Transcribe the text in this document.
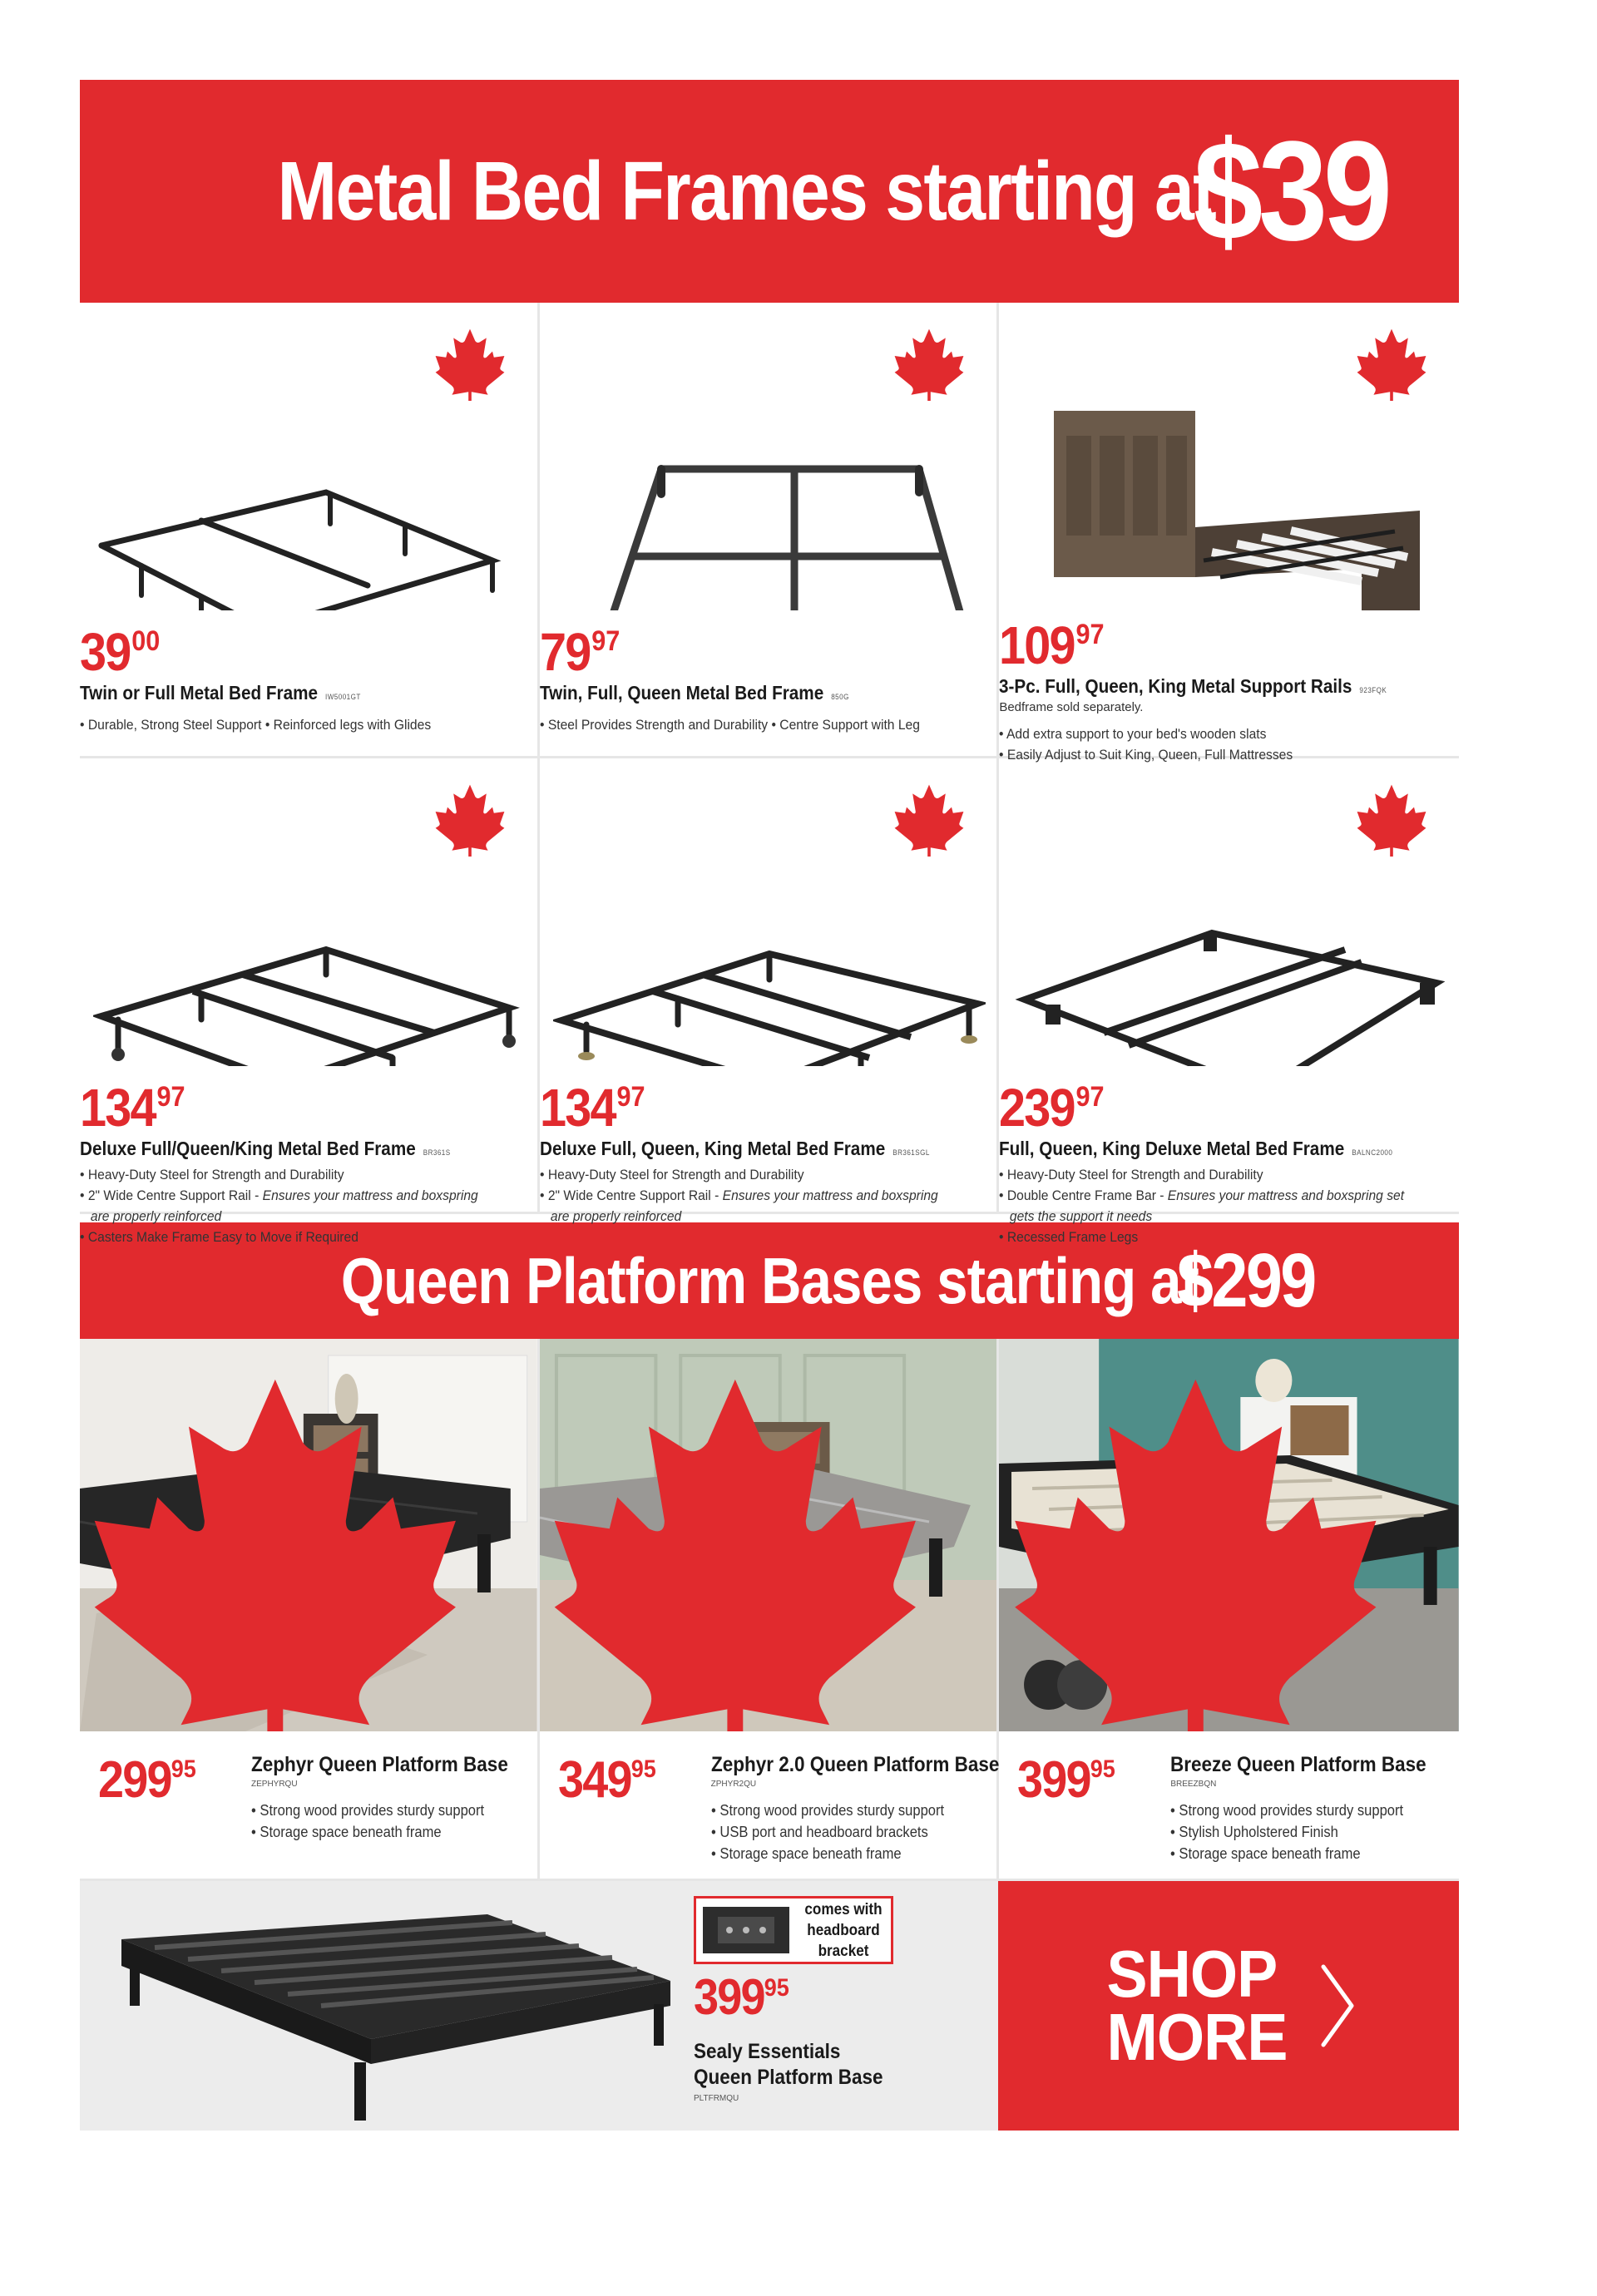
Metal Bed Frames starting at
$39
$39^{00}$
Twin or Full Metal Bed Frame IW5001GT
• Durable, Strong Steel Support • Reinforced legs with Glides
$79^{97}$
Twin, Full, Queen Metal Bed Frame 850G
• Steel Provides Strength and Durability • Centre Support with Leg
$109^{97}$
3-Pc. Full, Queen, King Metal Support Rails 923FQK
Bedframe sold separately.
• Add extra support to your bed's wooden slats
• Easily Adjust to Suit King, Queen, Full Mattresses
$134^{97}$
Deluxe Full/Queen/King Metal Bed Frame BR361S
• Heavy-Duty Steel for Strength and Durability
• 2" Wide Centre Support Rail - Ensures your mattress and boxspring
are properly reinforced
• Casters Make Frame Easy to Move if Required
$134^{97}$
Deluxe Full, Queen, King Metal Bed Frame BR361SGL
• Heavy-Duty Steel for Strength and Durability
• 2" Wide Centre Support Rail - Ensures your mattress and boxspring
are properly reinforced
$239^{97}$
Full, Queen, King Deluxe Metal Bed Frame BALNC2000
• Heavy-Duty Steel for Strength and Durability
• Double Centre Frame Bar - Ensures your mattress and boxspring set
gets the support it needs
• Recessed Frame Legs
Queen Platform Bases starting at
$299
$299^{95}$	Zephyr Queen Platform Base
ZEPHYRQU
• Strong wood provides sturdy support
• Storage space beneath frame
$349^{95}$	Zephyr 2.0 Queen Platform Base
ZPHYR2QU
• Strong wood provides sturdy support
• USB port and headboard brackets
• Storage space beneath frame
$399^{95}$	Breeze Queen Platform Base
BREEZBQN
• Strong wood provides sturdy support
• Stylish Upholstered Finish
• Storage space beneath frame
comes with
headboard
bracket
$399^{95}$
Sealy Essentials
Queen Platform Base
PLTFRMQU
SHOP
MORE
